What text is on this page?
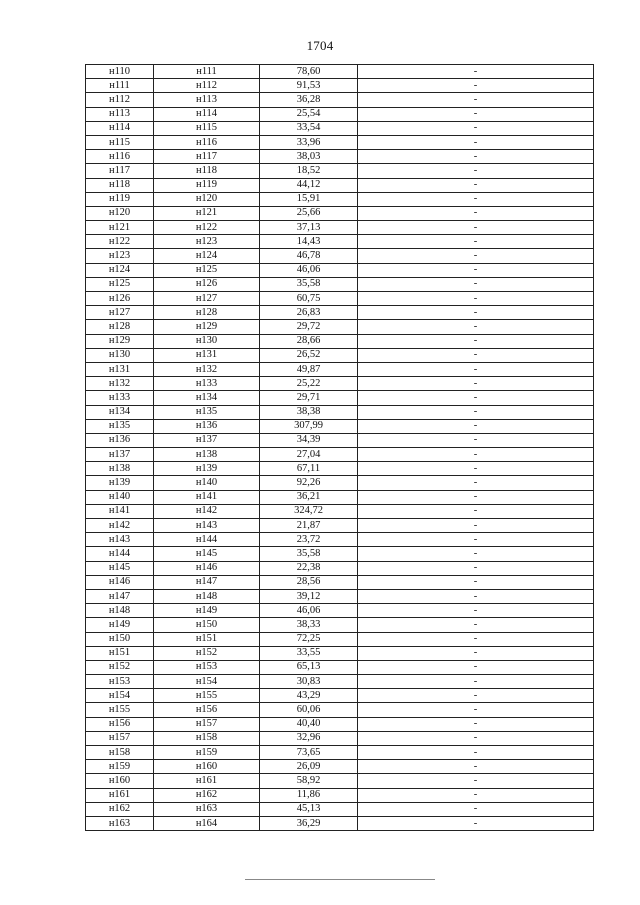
1704
н110	н111	78,60	-
н111	н112	91,53	-
н112	н113	36,28	-
н113	н114	25,54	-
н114	н115	33,54	-
н115	н116	33,96	-
н116	н117	38,03	-
н117	н118	18,52	-
н118	н119	44,12	-
н119	н120	15,91	-
н120	н121	25,66	-
н121	н122	37,13	-
н122	н123	14,43	-
н123	н124	46,78	-
н124	н125	46,06	-
н125	н126	35,58	-
н126	н127	60,75	-
н127	н128	26,83	-
н128	н129	29,72	-
н129	н130	28,66	-
н130	н131	26,52	-
н131	н132	49,87	-
н132	н133	25,22	-
н133	н134	29,71	-
н134	н135	38,38	-
н135	н136	307,99	-
н136	н137	34,39	-
н137	н138	27,04	-
н138	н139	67,11	-
н139	н140	92,26	-
н140	н141	36,21	-
н141	н142	324,72	-
н142	н143	21,87	-
н143	н144	23,72	-
н144	н145	35,58	-
н145	н146	22,38	-
н146	н147	28,56	-
н147	н148	39,12	-
н148	н149	46,06	-
н149	н150	38,33	-
н150	н151	72,25	-
н151	н152	33,55	-
н152	н153	65,13	-
н153	н154	30,83	-
н154	н155	43,29	-
н155	н156	60,06	-
н156	н157	40,40	-
н157	н158	32,96	-
н158	н159	73,65	-
н159	н160	26,09	-
н160	н161	58,92	-
н161	н162	11,86	-
н162	н163	45,13	-
н163	н164	36,29	-
